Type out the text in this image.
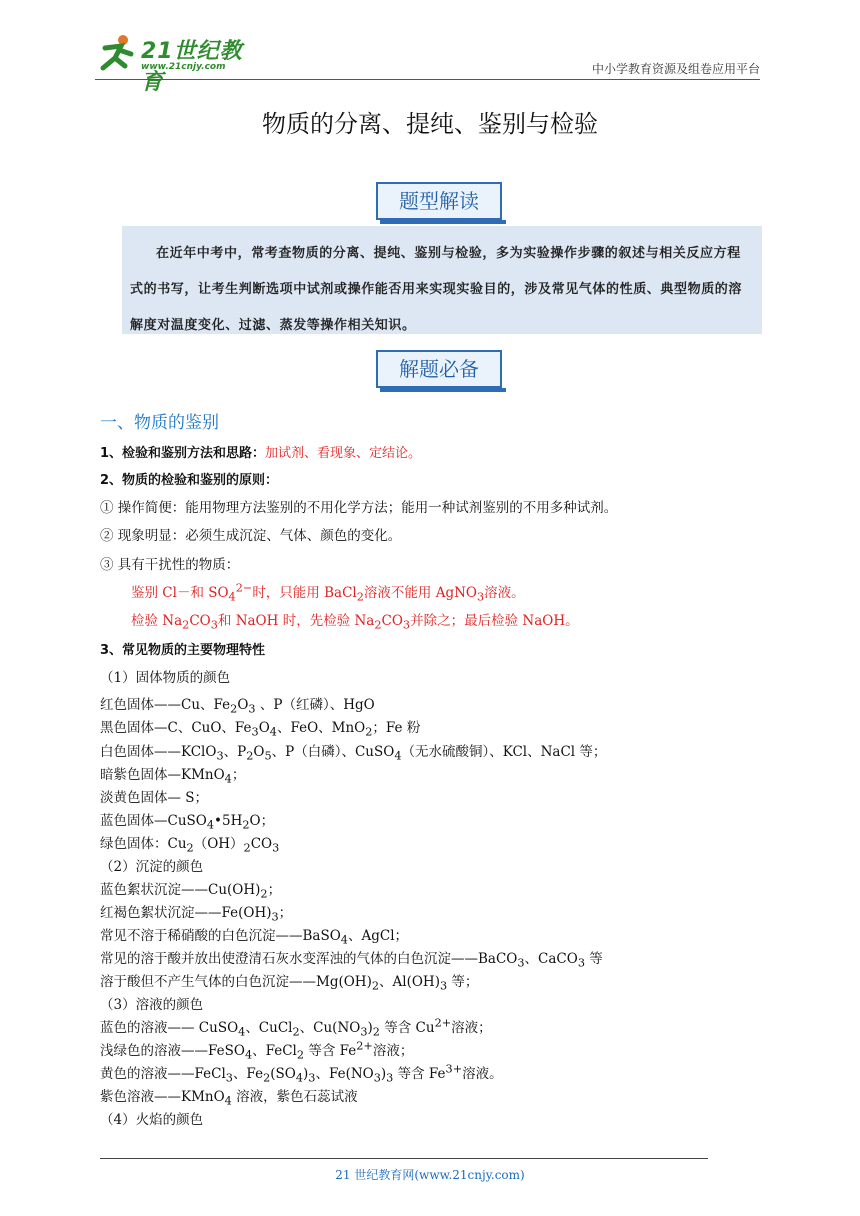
21世纪教育
www.21cnjy.com	中小学教育资源及组卷应用平台
物质的分离、提纯、鉴别与检验
题型解读
在近年中考中，常考查物质的分离、提纯、鉴别与检验，多为实验操作步骤的叙述与相关反应方程式的书写，让考生判断选项中试剂或操作能否用来实现实验目的，涉及常见气体的性质、典型物质的溶解度对温度变化、过滤、蒸发等操作相关知识。
解题必备
一、物质的鉴别
1、检验和鉴别方法和思路：加试剂、看现象、定结论。
2、物质的检验和鉴别的原则：
① 操作简便：能用物理方法鉴别的不用化学方法；能用一种试剂鉴别的不用多种试剂。
② 现象明显：必须生成沉淀、气体、颜色的变化。
③ 具有干扰性的物质：
鉴别 Cl－和 $SO_4^{2-}$时，只能用 BaCl$_2$溶液不能用 AgNO$_3$溶液。
检验 $Na_2CO_3$和 NaOH 时，先检验 $Na_2CO_3$并除之；最后检验 NaOH。
3、常见物质的主要物理特性
（1）固体物质的颜色
红色固体——Cu、$Fe_2O_3$ 、P（红磷）、HgO
黑色固体—C、CuO、$Fe_3O_4$、FeO、MnO$_2$；Fe 粉
白色固体——KClO$_3$、$P_2O_5$、P（白磷）、CuSO$_4$（无水硫酸铜）、KCl、NaCl 等；
暗紫色固体—KMnO$_4$；
淡黄色固体— S；
蓝色固体$—CuSO_4•5H_2O$；
绿色固体：$Cu_2(OH)_2CO_3$
（2）沉淀的颜色
蓝色絮状沉淀$——Cu(OH)_2$；
红褐色絮状沉淀$——Fe(OH)_3$；
常见不溶于稀硝酸的白色沉淀——BaSO$_4$、AgCl；
常见的溶于酸并放出使澄清石灰水变浑浊的气体的白色沉淀——BaCO$_3$、CaCO$_3$ 等
溶于酸但不产生气体的白色沉淀$——Mg(OH)_2$、$Al(OH)_3$ 等；
（3）溶液的颜色
蓝色的溶液—— CuSO$_4$、CuCl$_2$、$Cu(NO_3)_2$ 等含 $Cu^{2+}$溶液；
浅绿色的溶液——FeSO$_4$、FeCl$_2$ 等含 $Fe^{2+}$溶液；
黄色的溶液——FeCl$_3$、$Fe_2(SO_4)_3$、$Fe(NO_3)_3$ 等含 $Fe^{3+}$溶液。
紫色溶液——KMnO$_4$ 溶液，紫色石蕊试液
（4）火焰的颜色
21 世纪教育网(www.21cnjy.com)
